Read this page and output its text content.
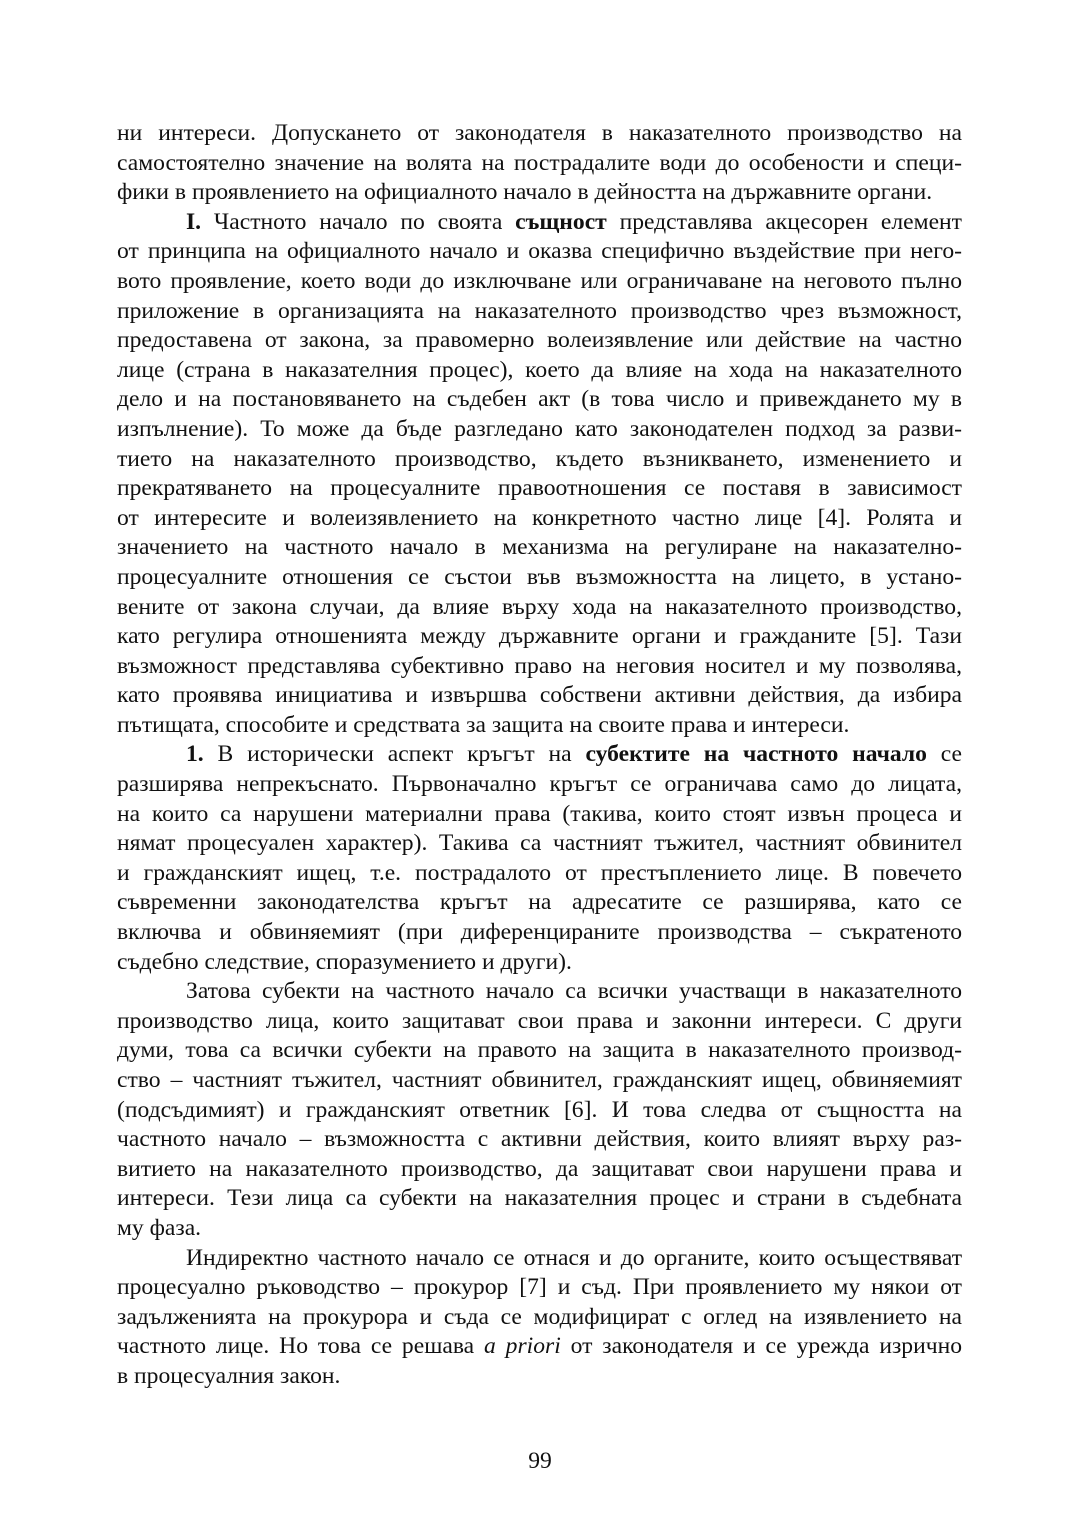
ни интереси. Допускането от законодателя в наказателното производство на
самостоятелно значение на волята на пострадалите води до особености и специ-
фики в проявлението на официалното начало в дейността на държавните органи.
I. Частното начало по своята същност представлява акцесорен елемент
от принципа на официалното начало и оказва специфично въздействие при него-
вото проявление, което води до изключване или ограничаване на неговото пълно
приложение в организацията на наказателното производство чрез възможност,
предоставена от закона, за правомерно волеизявление или действие на частно
лице (страна в наказателния процес), което да влияе на хода на наказателното
дело и на постановяването на съдебен акт (в това число и привеждането му в
изпълнение). То може да бъде разгледано като законодателен подход за разви-
тието на наказателното производство, където възникването, изменението и
прекратяването на процесуалните правоотношения се поставя в зависимост
от интересите и волеизявлението на конкретното частно лице [4]. Ролята и
значението на частното начало в механизма на регулиране на наказателно-
процесуалните отношения се състои във възможността на лицето, в устано-
вените от закона случаи, да влияе върху хода на наказателното производство,
като регулира отношенията между държавните органи и гражданите [5]. Тази
възможност представлява субективно право на неговия носител и му позволява,
като проявява инициатива и извършва собствени активни действия, да избира
пътищата, способите и средствата за защита на своите права и интереси.
1. В исторически аспект кръгът на субектите на частното начало се
разширява непрекъснато. Първоначално кръгът се ограничава само до лицата,
на които са нарушени материални права (такива, които стоят извън процеса и
нямат процесуален характер). Такива са частният тъжител, частният обвинител
и гражданският ищец, т.е. пострадалото от престъплението лице. В повечето
съвременни законодателства кръгът на адресатите се разширява, като се
включва и обвиняемият (при диференцираните производства – съкратеното
съдебно следствие, споразумението и други).
Затова субекти на частното начало са всички участващи в наказателното
производство лица, които защитават свои права и законни интереси. С други
думи, това са всички субекти на правото на защита в наказателното производ-
ство – частният тъжител, частният обвинител, гражданският ищец, обвиняемият
(подсъдимият) и гражданският ответник [6]. И това следва от същността на
частното начало – възможността с активни действия, които влияят върху раз-
витието на наказателното производство, да защитават свои нарушени права и
интереси. Тези лица са субекти на наказателния процес и страни в съдебната
му фаза.
Индиректно частното начало се отнася и до органите, които осъществяват
процесуално ръководство – прокурор [7] и съд. При проявлението му някои от
задълженията на прокурора и съда се модифицират с оглед на изявлението на
частното лице. Но това се решава a priori от законодателя и се урежда изрично
в процесуалния закон.
99
